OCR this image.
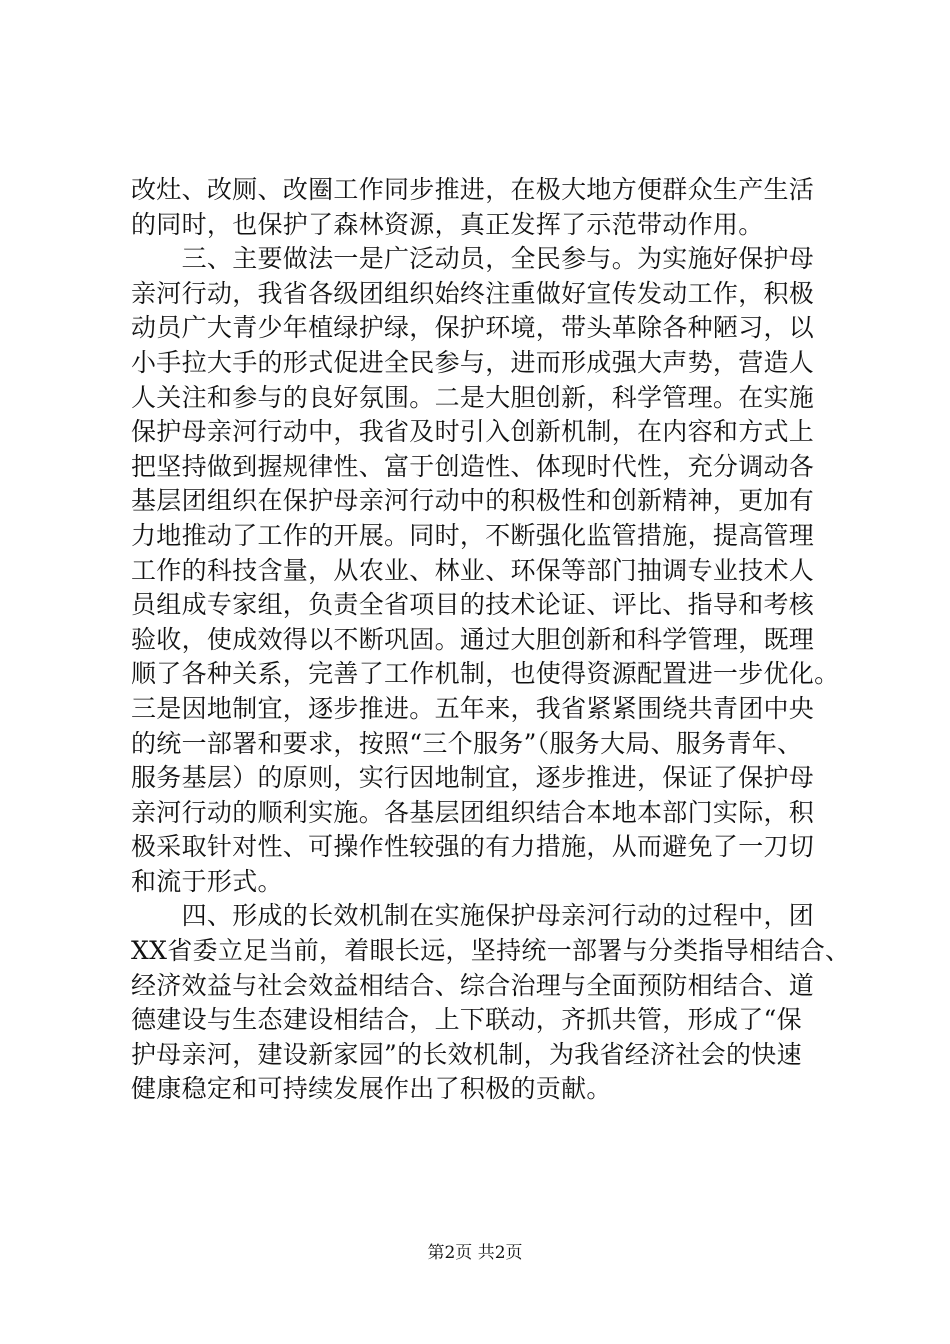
改灶、改厕、改圈工作同步推进，在极大地方便群众生产生活
的同时，也保护了森林资源，真正发挥了示范带动作用。
　　三、主要做法一是广泛动员，全民参与。为实施好保护母
亲河行动，我省各级团组织始终注重做好宣传发动工作，积极
动员广大青少年植绿护绿，保护环境，带头革除各种陋习，以
小手拉大手的形式促进全民参与，进而形成强大声势，营造人
人关注和参与的良好氛围。二是大胆创新，科学管理。在实施
保护母亲河行动中，我省及时引入创新机制，在内容和方式上
把坚持做到握规律性、富于创造性、体现时代性，充分调动各
基层团组织在保护母亲河行动中的积极性和创新精神，更加有
力地推动了工作的开展。同时，不断强化监管措施，提高管理
工作的科技含量，从农业、林业、环保等部门抽调专业技术人
员组成专家组，负责全省项目的技术论证、评比、指导和考核
验收，使成效得以不断巩固。通过大胆创新和科学管理，既理
顺了各种关系，完善了工作机制，也使得资源配置进一步优化。
三是因地制宜，逐步推进。五年来，我省紧紧围绕共青团中央
的统一部署和要求，按照“三个服务”（服务大局、服务青年、
服务基层）的原则，实行因地制宜，逐步推进，保证了保护母
亲河行动的顺利实施。各基层团组织结合本地本部门实际，积
极采取针对性、可操作性较强的有力措施，从而避免了一刀切
和流于形式。
　　四、形成的长效机制在实施保护母亲河行动的过程中，团
XX省委立足当前，着眼长远，坚持统一部署与分类指导相结合、
经济效益与社会效益相结合、综合治理与全面预防相结合、道
德建设与生态建设相结合，上下联动，齐抓共管，形成了“保
护母亲河，建设新家园”的长效机制，为我省经济社会的快速
健康稳定和可持续发展作出了积极的贡献。
第2页 共2页
